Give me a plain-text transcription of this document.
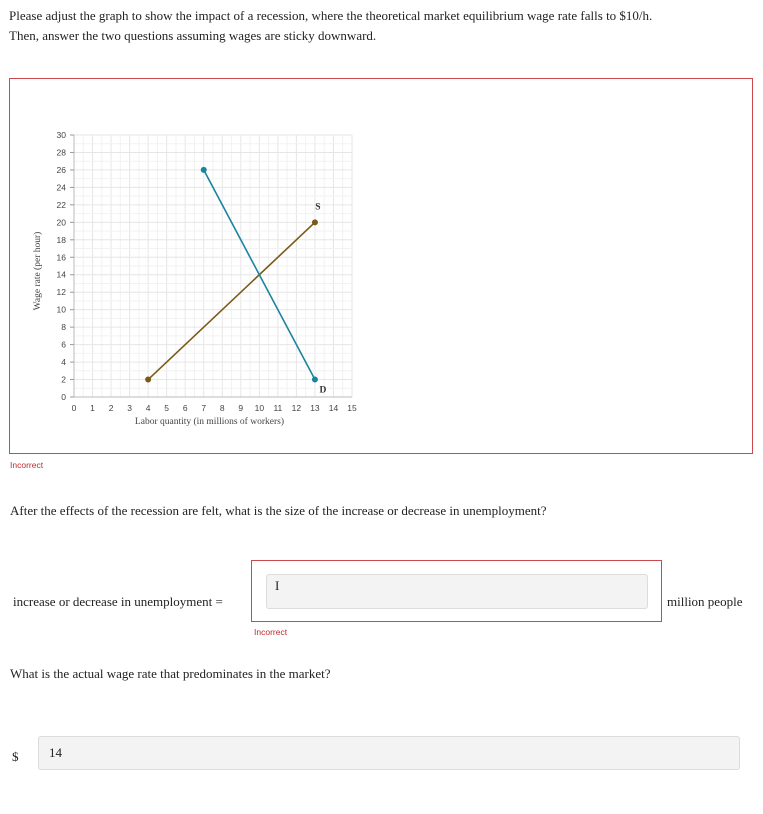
Please adjust the graph to show the impact of a recession, where the theoretical market equilibrium wage rate falls to $10/h.
Then, answer the two questions assuming wages are sticky downward.
0
2
4
6
8
10
12
14
16
18
20
22
24
26
28
30
0 1 2 3 4 5 6 7 8 9 10 11 12 13 14 15
Wage rate (per hour)
Labor quantity (in millions of workers)
S
D
Incorrect
After the effects of the recession are felt, what is the size of the increase or decrease in unemployment?
I
Incorrect
increase or decrease in unemployment =	million people
What is the actual wage rate that predominates in the market?
$
14
